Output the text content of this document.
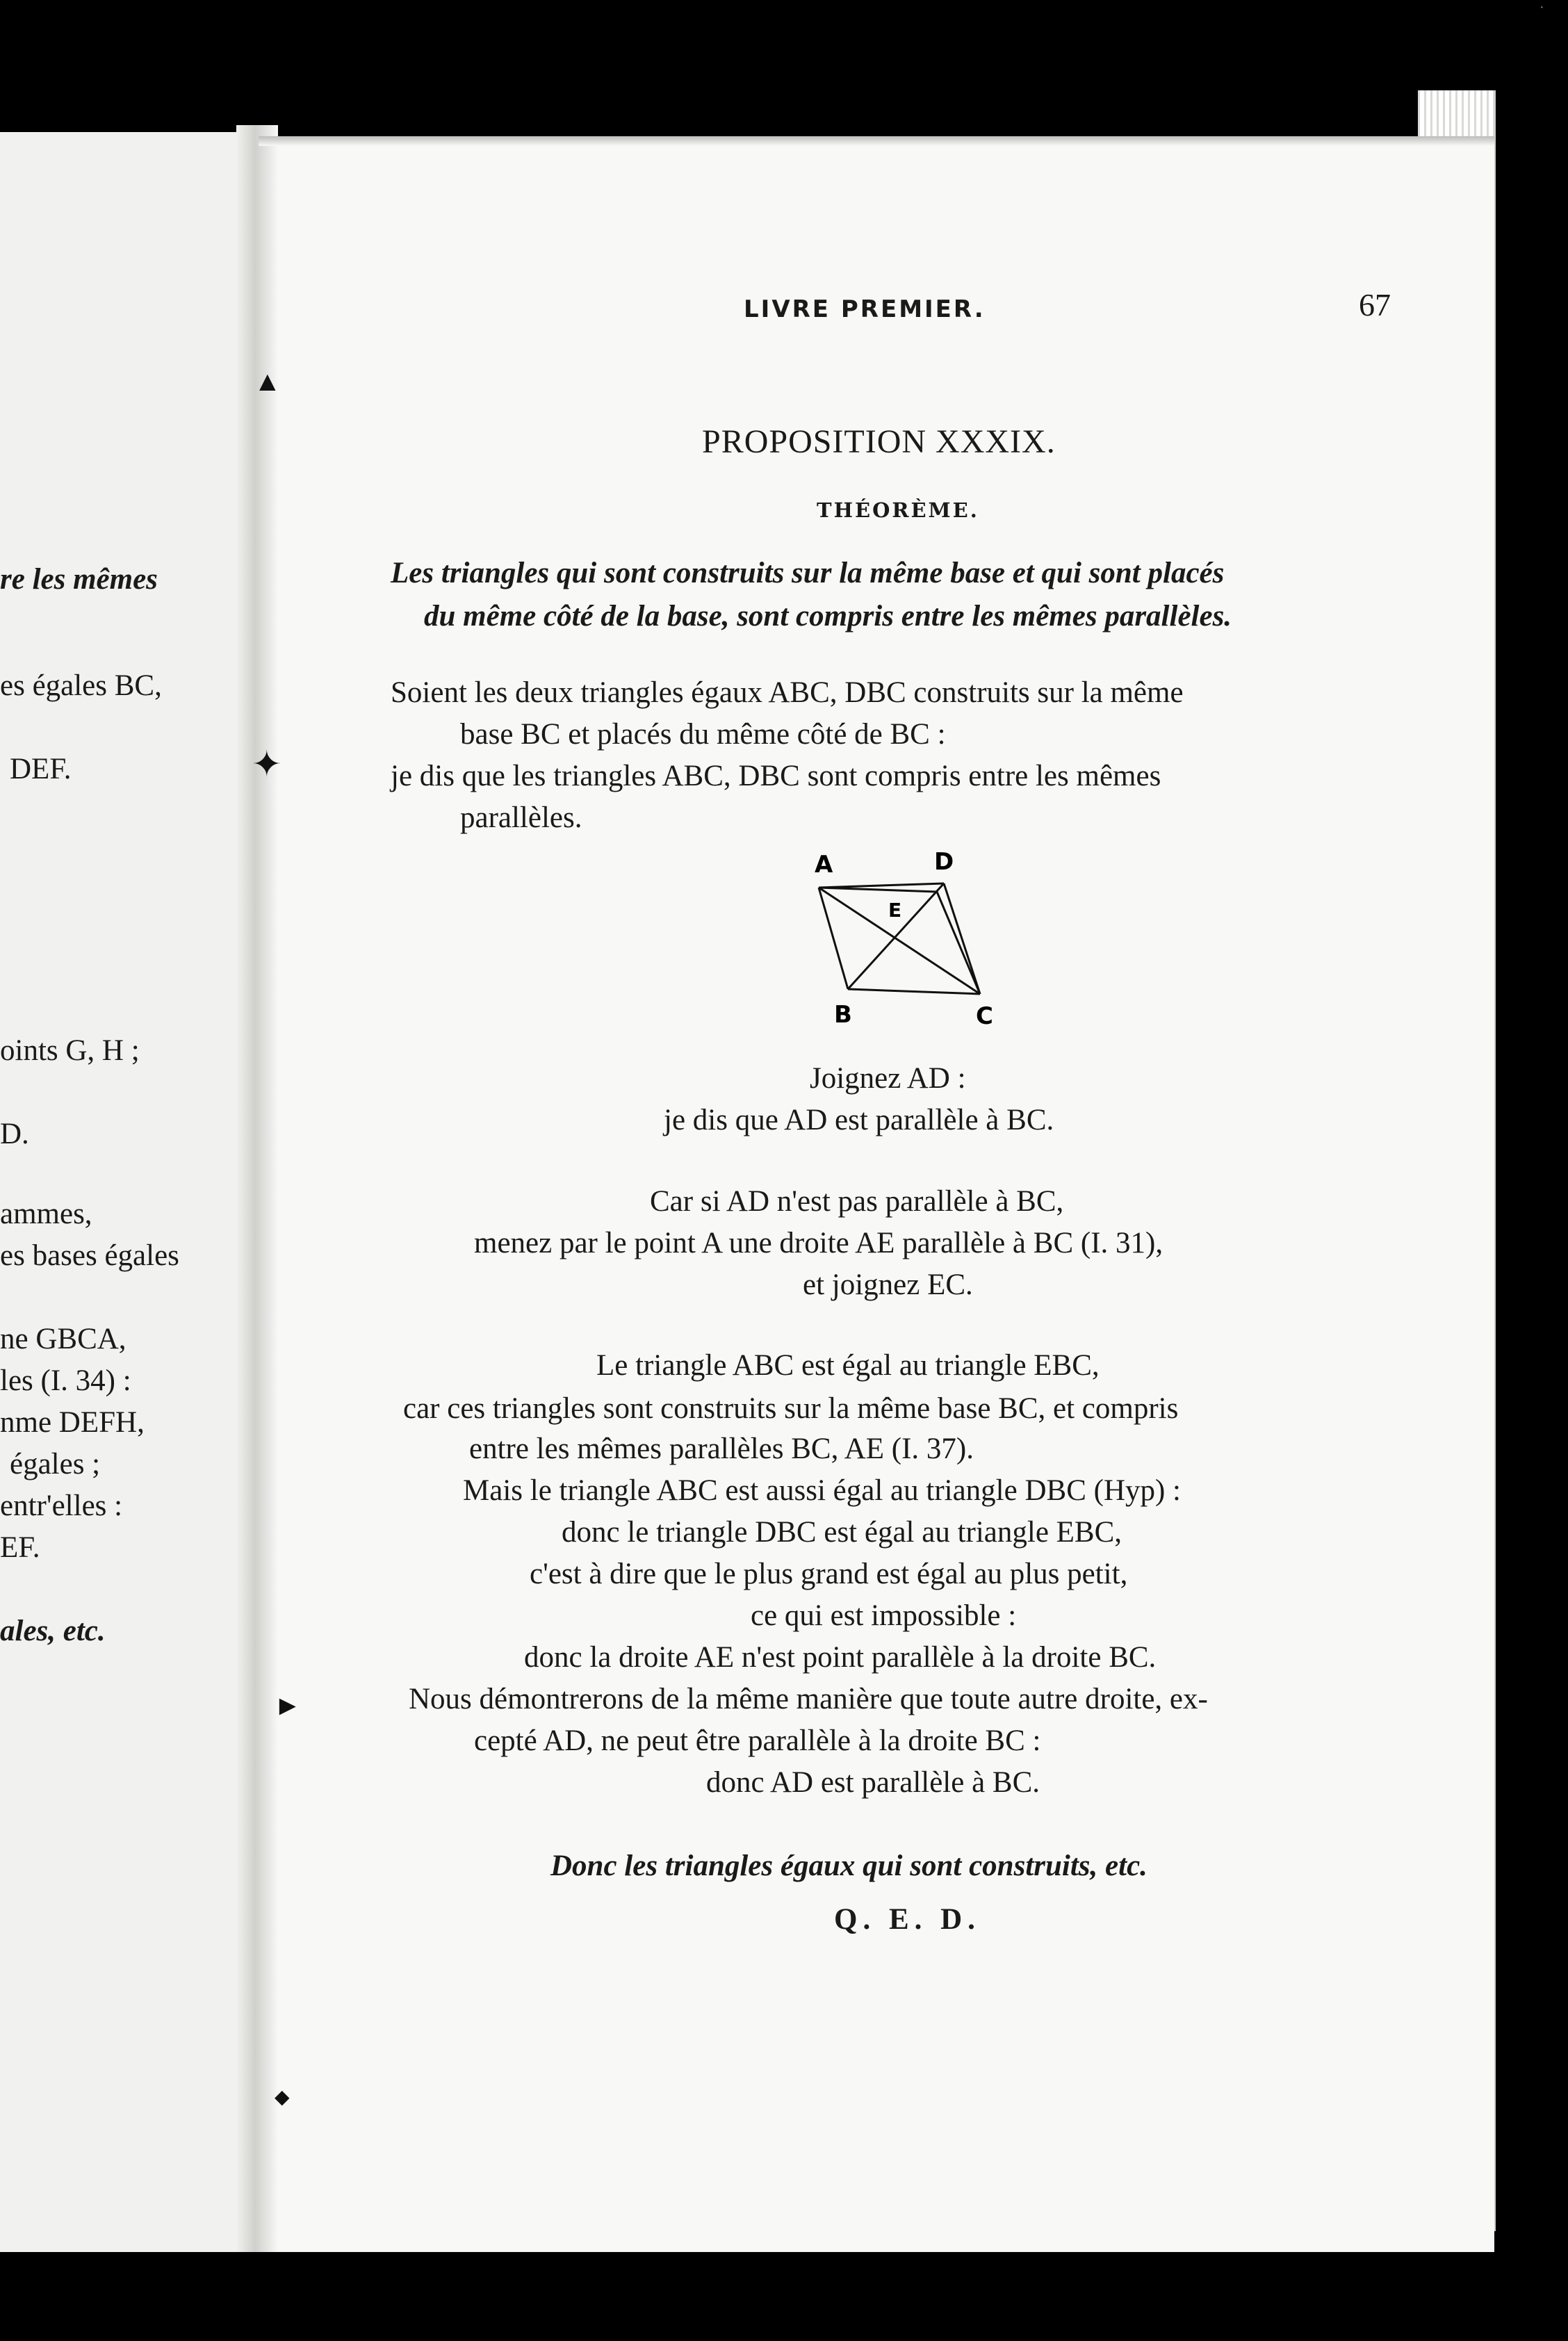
·
▲
✦
►
◆
re les mêmes
es égales BC,
DEF.
oints G, H ;
D.
ammes,
es bases égales
ne GBCA,
les (I. 34) :
nme DEFH,
égales ;
entr'elles :
EF.
ales, etc.
LIVRE PREMIER.	67
PROPOSITION XXXIX.
THÉORÈME.
Les triangles qui sont construits sur la même base et qui sont placés
du même côté de la base, sont compris entre les mêmes parallèles.
Soient les deux triangles égaux ABC, DBC construits sur la même
base BC et placés du même côté de BC :
je dis que les triangles ABC, DBC sont compris entre les mêmes
parallèles.
A	D
E
B	C
Joignez AD :
je dis que AD est parallèle à BC.
Car si AD n'est pas parallèle à BC,
menez par le point A une droite AE parallèle à BC (I. 31),
et joignez EC.
Le triangle ABC est égal au triangle EBC,
car ces triangles sont construits sur la même base BC, et compris
entre les mêmes parallèles BC, AE (I. 37).
Mais le triangle ABC est aussi égal au triangle DBC (Hyp) :
donc le triangle DBC est égal au triangle EBC,
c'est à dire que le plus grand est égal au plus petit,
ce qui est impossible :
donc la droite AE n'est point parallèle à la droite BC.
Nous démontrerons de la même manière que toute autre droite, ex-
cepté AD, ne peut être parallèle à la droite BC :
donc AD est parallèle à BC.
Donc les triangles égaux qui sont construits, etc.
Q. E. D.
